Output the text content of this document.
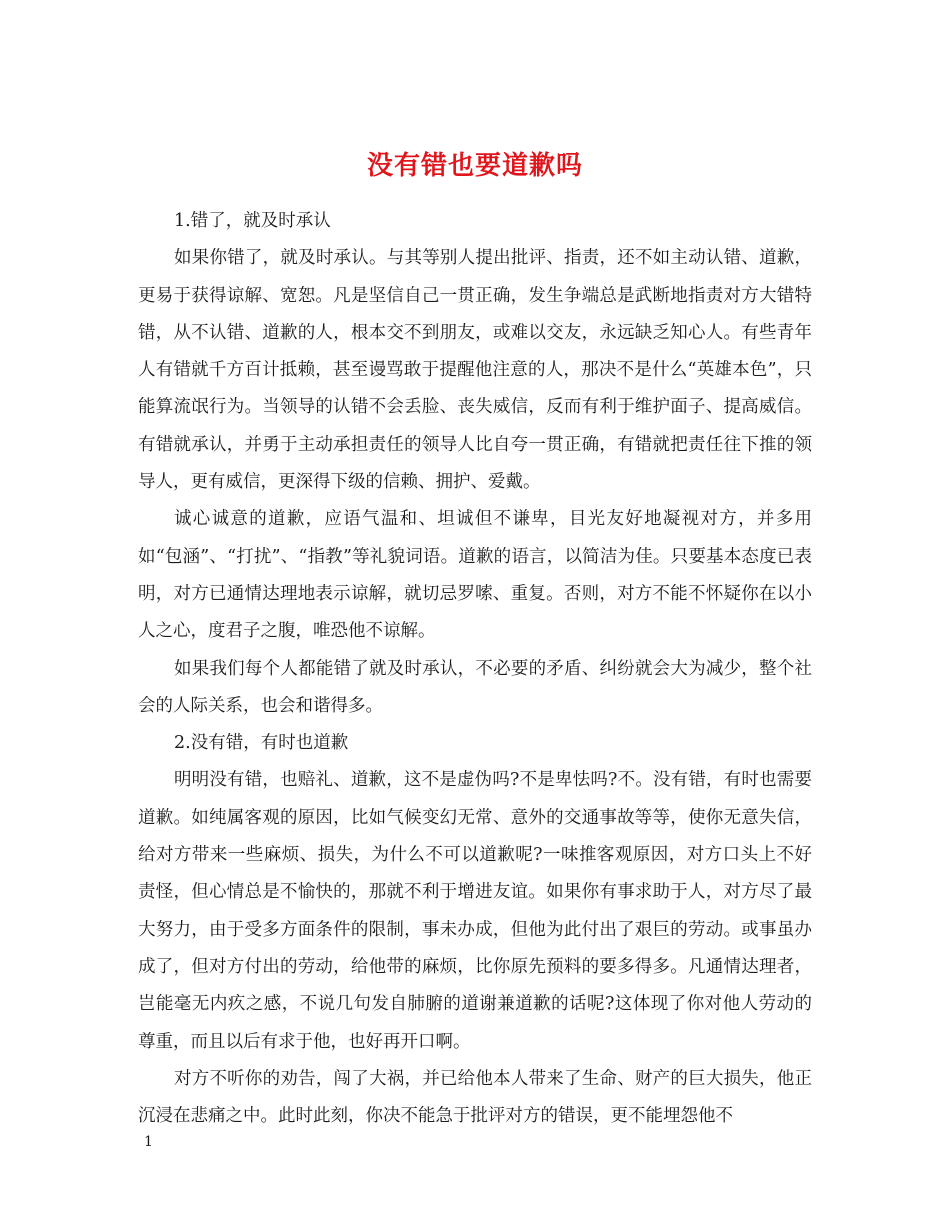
没有错也要道歉吗

1.错了，就及时承认

如果你错了，就及时承认。与其等别人提出批评、指责，还不如主动认错、道歉，更易于获得谅解、宽恕。凡是坚信自己一贯正确，发生争端总是武断地指责对方大错特错，从不认错、道歉的人，根本交不到朋友，或难以交友，永远缺乏知心人。有些青年人有错就千方百计抵赖，甚至谩骂敢于提醒他注意的人，那决不是什么“英雄本色”，只能算流氓行为。当领导的认错不会丢脸、丧失威信，反而有利于维护面子、提高威信。有错就承认，并勇于主动承担责任的领导人比自夸一贯正确，有错就把责任往下推的领导人，更有威信，更深得下级的信赖、拥护、爱戴。

诚心诚意的道歉，应语气温和、坦诚但不谦卑，目光友好地凝视对方，并多用如“包涵”、“打扰”、“指教”等礼貌词语。道歉的语言，以简洁为佳。只要基本态度已表明，对方已通情达理地表示谅解，就切忌罗嗦、重复。否则，对方不能不怀疑你在以小人之心，度君子之腹，唯恐他不谅解。

如果我们每个人都能错了就及时承认，不必要的矛盾、纠纷就会大为减少，整个社会的人际关系，也会和谐得多。

2.没有错，有时也道歉

明明没有错，也赔礼、道歉，这不是虚伪吗?不是卑怯吗?不。没有错，有时也需要道歉。如纯属客观的原因，比如气候变幻无常、意外的交通事故等等，使你无意失信，给对方带来一些麻烦、损失，为什么不可以道歉呢?一味推客观原因，对方口头上不好责怪，但心情总是不愉快的，那就不利于增进友谊。如果你有事求助于人，对方尽了最大努力，由于受多方面条件的限制，事未办成，但他为此付出了艰巨的劳动。或事虽办成了，但对方付出的劳动，给他带的麻烦，比你原先预料的要多得多。凡通情达理者，岂能毫无内疚之感，不说几句发自肺腑的道谢兼道歉的话呢?这体现了你对他人劳动的尊重，而且以后有求于他，也好再开口啊。

对方不听你的劝告，闯了大祸，并已给他本人带来了生命、财产的巨大损失，他正沉浸在悲痛之中。此时此刻，你决不能急于批评对方的错误，更不能埋怨他不

1
